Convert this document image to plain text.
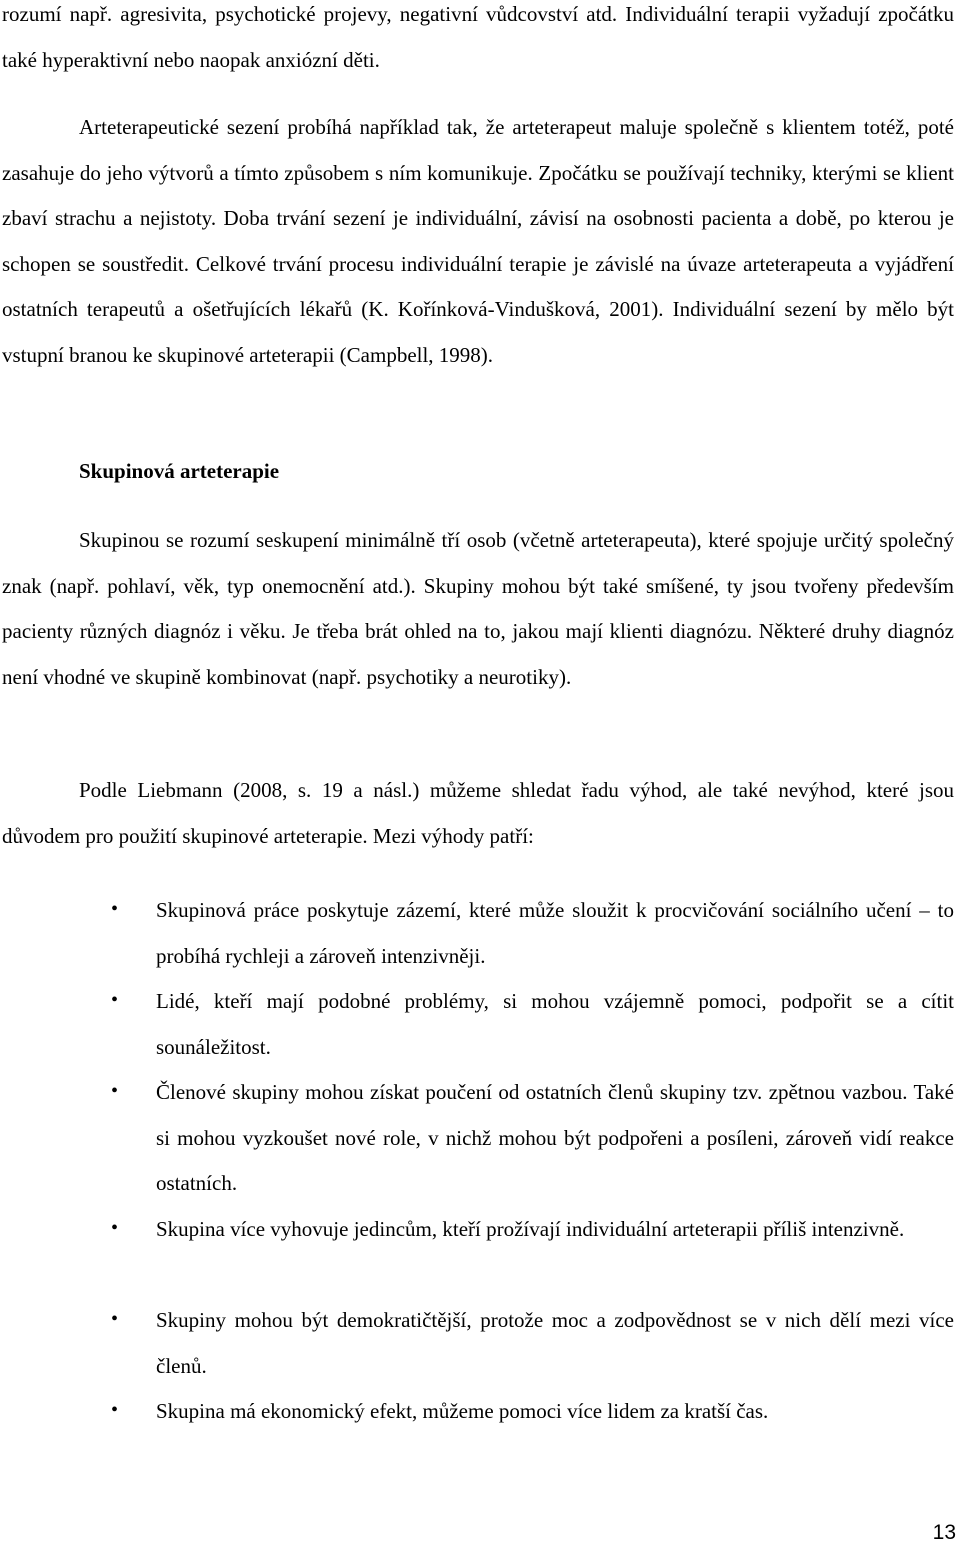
rozumí např. agresivita, psychotické projevy, negativní vůdcovství atd. Individuální terapii vyžadují zpočátku také hyperaktivní nebo naopak anxiózní děti.

Arteterapeutické sezení probíhá například tak, že arteterapeut maluje společně s klientem totéž, poté zasahuje do jeho výtvorů a tímto způsobem s ním komunikuje. Zpočátku se používají techniky, kterými se klient zbaví strachu a nejistoty. Doba trvání sezení je individuální, závisí na osobnosti pacienta a době, po kterou je schopen se soustředit. Celkové trvání procesu individuální terapie je závislé na úvaze arteterapeuta a vyjádření ostatních terapeutů a ošetřujících lékařů (K. Kořínková-Vindušková, 2001). Individuální sezení by mělo být vstupní branou ke skupinové arteterapii (Campbell, 1998).

Skupinová arteterapie

Skupinou se rozumí seskupení minimálně tří osob (včetně arteterapeuta), které spojuje určitý společný znak (např. pohlaví, věk, typ onemocnění atd.). Skupiny mohou být také smíšené, ty jsou tvořeny především pacienty různých diagnóz i věku. Je třeba brát ohled na to, jakou mají klienti diagnózu. Některé druhy diagnóz není vhodné ve skupině kombinovat (např. psychotiky a neurotiky).

Podle Liebmann (2008, s. 19 a násl.) můžeme shledat řadu výhod, ale také nevýhod, které jsou důvodem pro použití skupinové arteterapie. Mezi výhody patří:

•	Skupinová práce poskytuje zázemí, které může sloužit k procvičování sociálního učení – to probíhá rychleji a zároveň intenzivněji.
•	Lidé, kteří mají podobné problémy, si mohou vzájemně pomoci, podpořit se a cítit sounáležitost.
•	Členové skupiny mohou získat poučení od ostatních členů skupiny tzv. zpětnou vazbou. Také si mohou vyzkoušet nové role, v nichž mohou být podpořeni a posíleni, zároveň vidí reakce ostatních.
•	Skupina více vyhovuje jedincům, kteří prožívají individuální arteterapii příliš intenzivně.
•	Skupiny mohou být demokratičtější, protože moc a zodpovědnost se v nich dělí mezi více členů.
•	Skupina má ekonomický efekt, můžeme pomoci více lidem za kratší čas.

13
